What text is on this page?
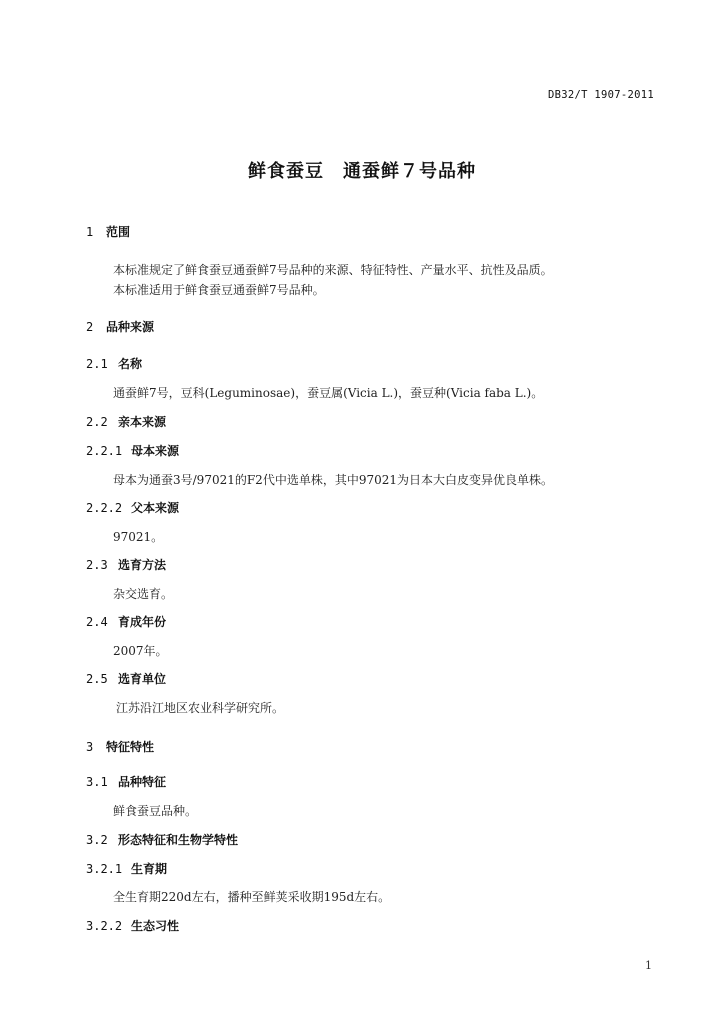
DB32/T 1907-2011
鲜食蚕豆　通蚕鲜７号品种
1 范围
本标准规定了鲜食蚕豆通蚕鲜7号品种的来源、特征特性、产量水平、抗性及品质。
本标准适用于鲜食蚕豆通蚕鲜7号品种。
2 品种来源
2.1 名称
通蚕鲜7号，豆科(Leguminosae)，蚕豆属(Vicia L.)，蚕豆种(Vicia faba L.)。
2.2 亲本来源
2.2.1 母本来源
母本为通蚕3号/97021的F2代中选单株，其中97021为日本大白皮变异优良单株。
2.2.2 父本来源
97021。
2.3 选育方法
杂交选育。
2.4 育成年份
2007年。
2.5 选育单位
江苏沿江地区农业科学研究所。
3 特征特性
3.1 品种特征
鲜食蚕豆品种。
3.2 形态特征和生物学特性
3.2.1 生育期
全生育期220d左右，播种至鲜荚采收期195d左右。
3.2.2 生态习性
1
